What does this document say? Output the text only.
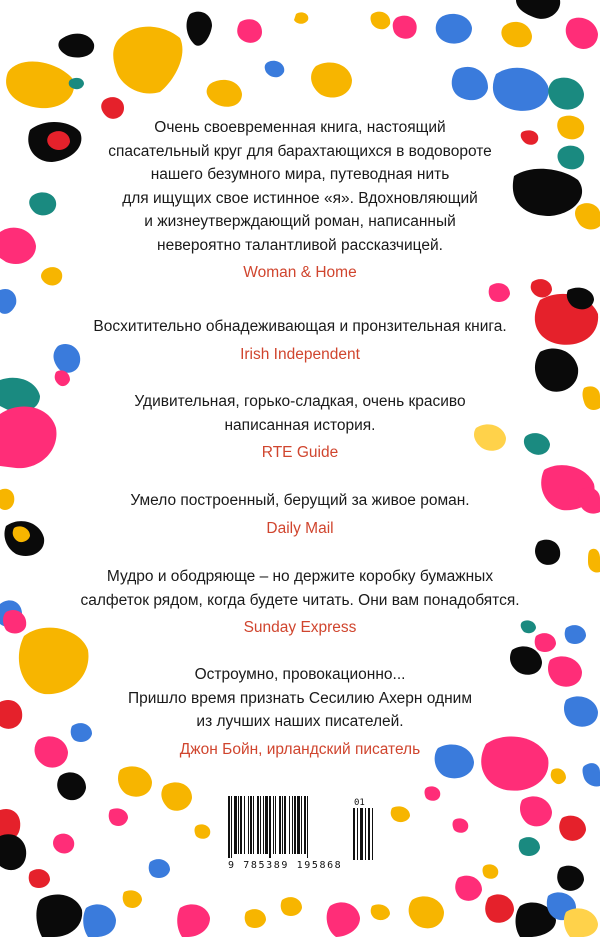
Очень своевременная книга, настоящий
спасательный круг для барахтающихся в водовороте
нашего безумного мира, путеводная нить
для ищущих свое истинное «я». Вдохновляющий
и жизнеутверждающий роман, написанный
невероятно талантливой рассказчицей.
Woman & Home
Восхитительно обнадеживающая и пронзительная книга.
Irish Independent
Удивительная, горько-сладкая, очень красиво
написанная история.
RTE Guide
Умело построенный, берущий за живое роман.
Daily Mail
Мудро и ободряюще – но держите коробку бумажных
салфеток рядом, когда будете читать. Они вам понадобятся.
Sunday Express
Остроумно, провокационно...
Пришло время признать Сесилию Ахерн одним
из лучших наших писателей.
Джон Бойн, ирландский писатель
9 785389 195868
01
